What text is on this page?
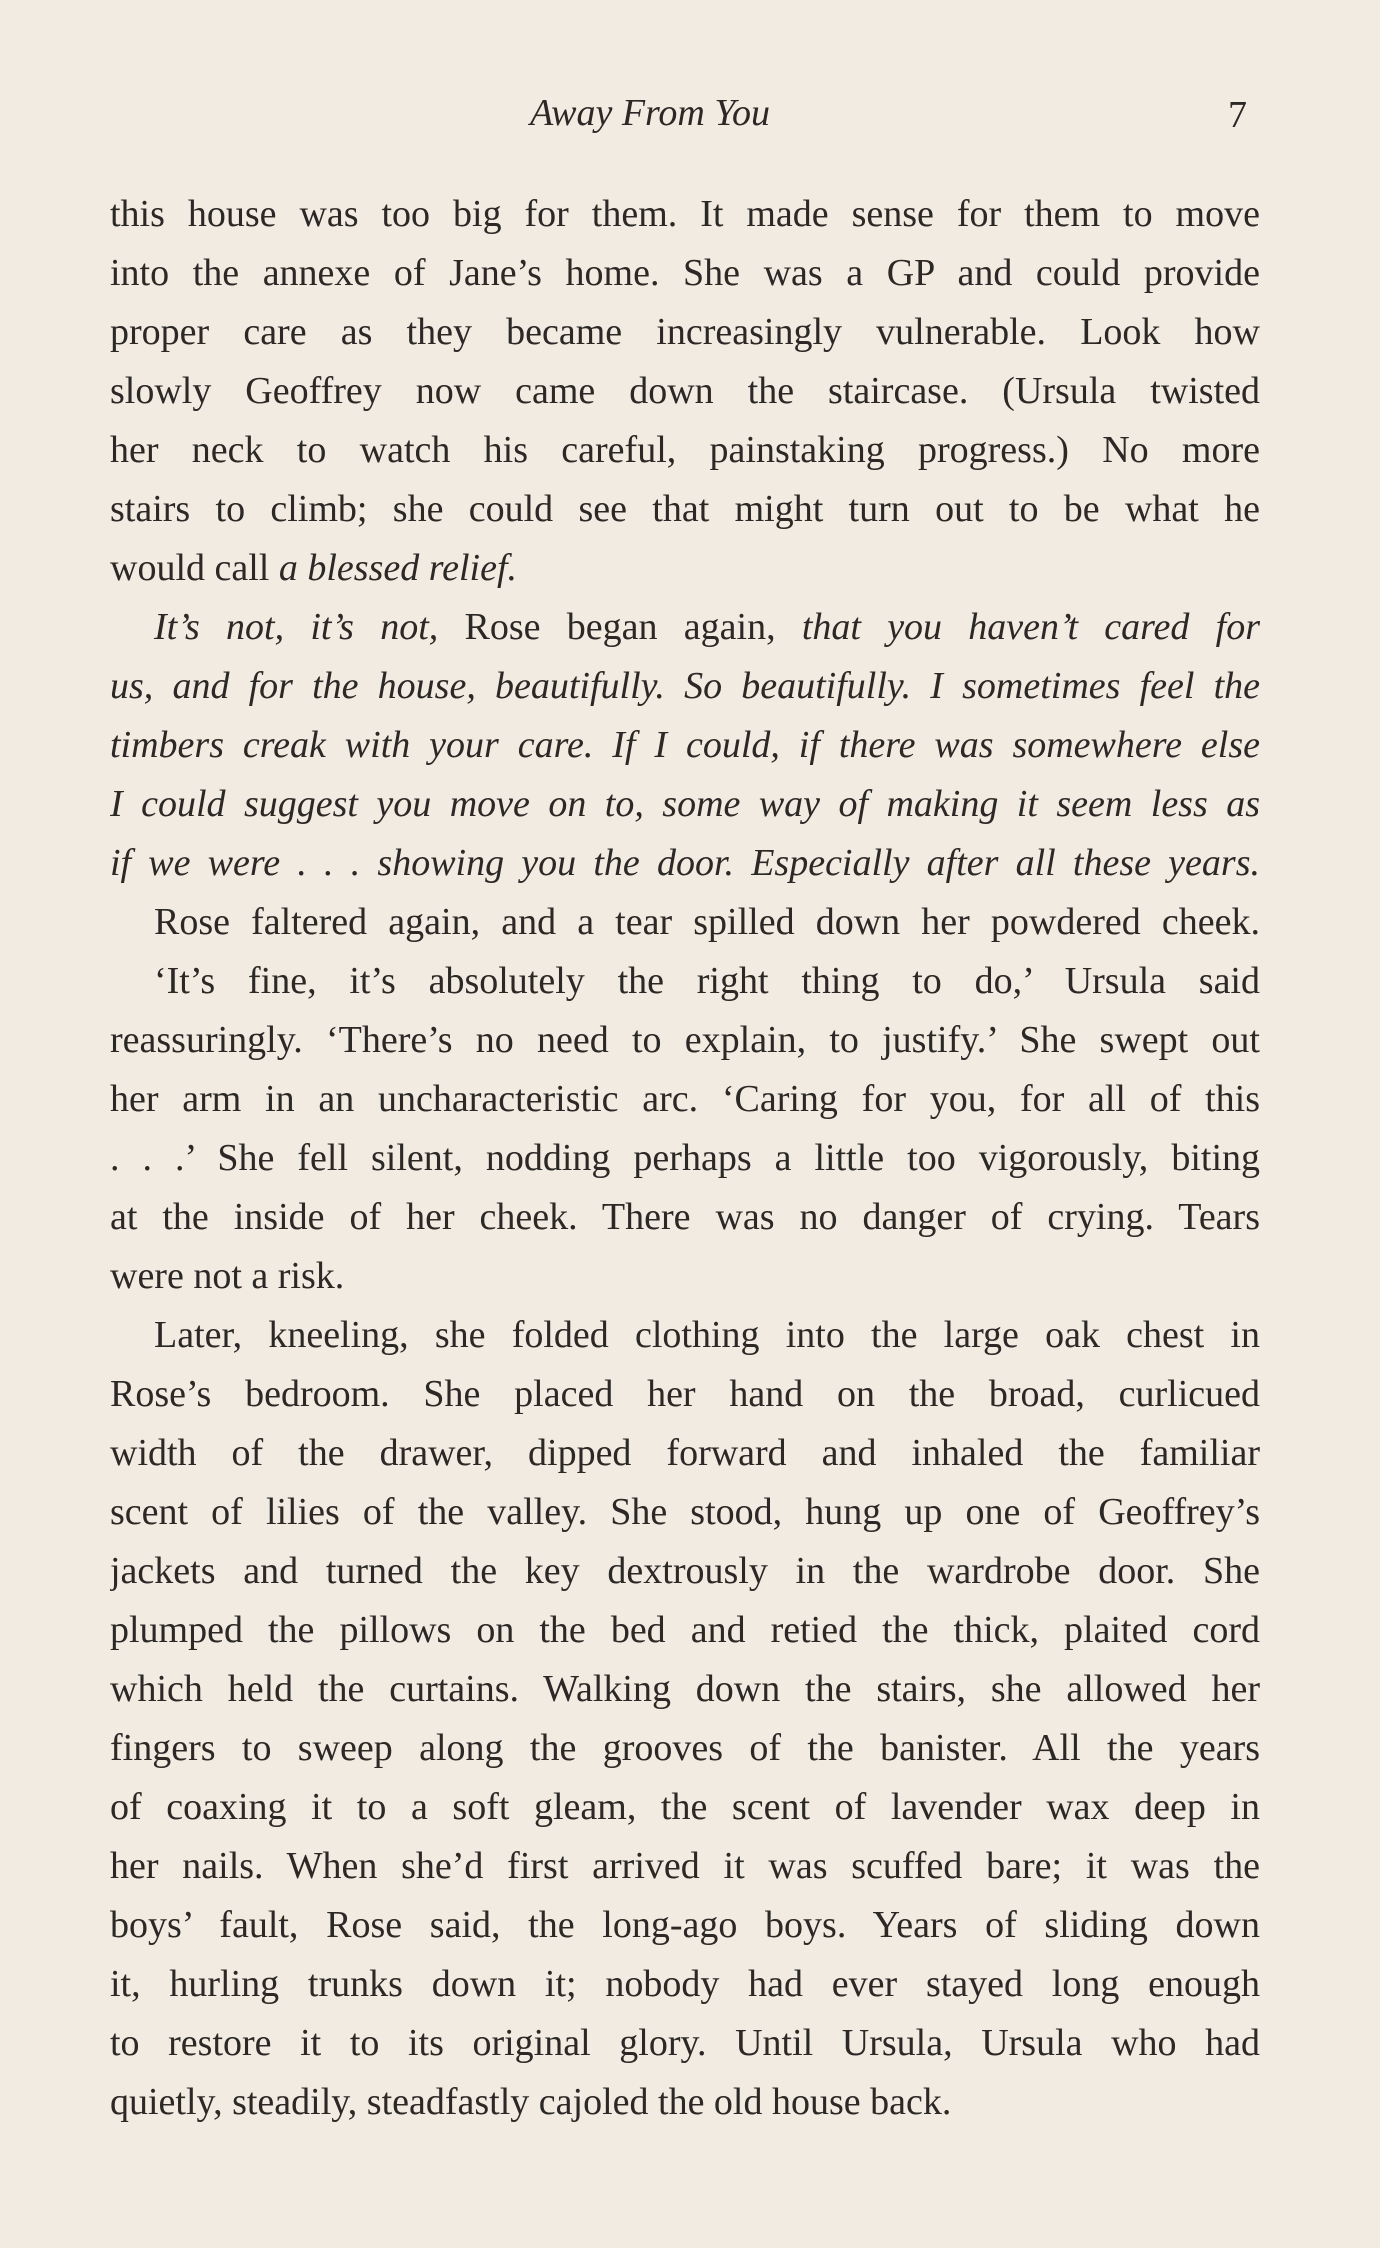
Away From You	7
this house was too big for them. It made sense for them to move
into the annexe of Jane’s home. She was a GP and could provide
proper care as they became increasingly vulnerable. Look how
slowly Geoffrey now came down the staircase. (Ursula twisted
her neck to watch his careful, painstaking progress.) No more
stairs to climb; she could see that might turn out to be what he
would call a blessed relief.
It’s not, it’s not, Rose began again, that you haven’t cared for
us, and for the house, beautifully. So beautifully. I sometimes feel the
timbers creak with your care. If I could, if there was somewhere else
I could suggest you move on to, some way of making it seem less as
if we were . . . showing you the door. Especially after all these years.
Rose faltered again, and a tear spilled down her powdered cheek.
‘It’s fine, it’s absolutely the right thing to do,’ Ursula said
reassuringly. ‘There’s no need to explain, to justify.’ She swept out
her arm in an uncharacteristic arc. ‘Caring for you, for all of this
. . .’ She fell silent, nodding perhaps a little too vigorously, biting
at the inside of her cheek. There was no danger of crying. Tears
were not a risk.
Later, kneeling, she folded clothing into the large oak chest in
Rose’s bedroom. She placed her hand on the broad, curlicued
width of the drawer, dipped forward and inhaled the familiar
scent of lilies of the valley. She stood, hung up one of Geoffrey’s
jackets and turned the key dextrously in the wardrobe door. She
plumped the pillows on the bed and retied the thick, plaited cord
which held the curtains. Walking down the stairs, she allowed her
fingers to sweep along the grooves of the banister. All the years
of coaxing it to a soft gleam, the scent of lavender wax deep in
her nails. When she’d first arrived it was scuffed bare; it was the
boys’ fault, Rose said, the long-ago boys. Years of sliding down
it, hurling trunks down it; nobody had ever stayed long enough
to restore it to its original glory. Until Ursula, Ursula who had
quietly, steadily, steadfastly cajoled the old house back.
